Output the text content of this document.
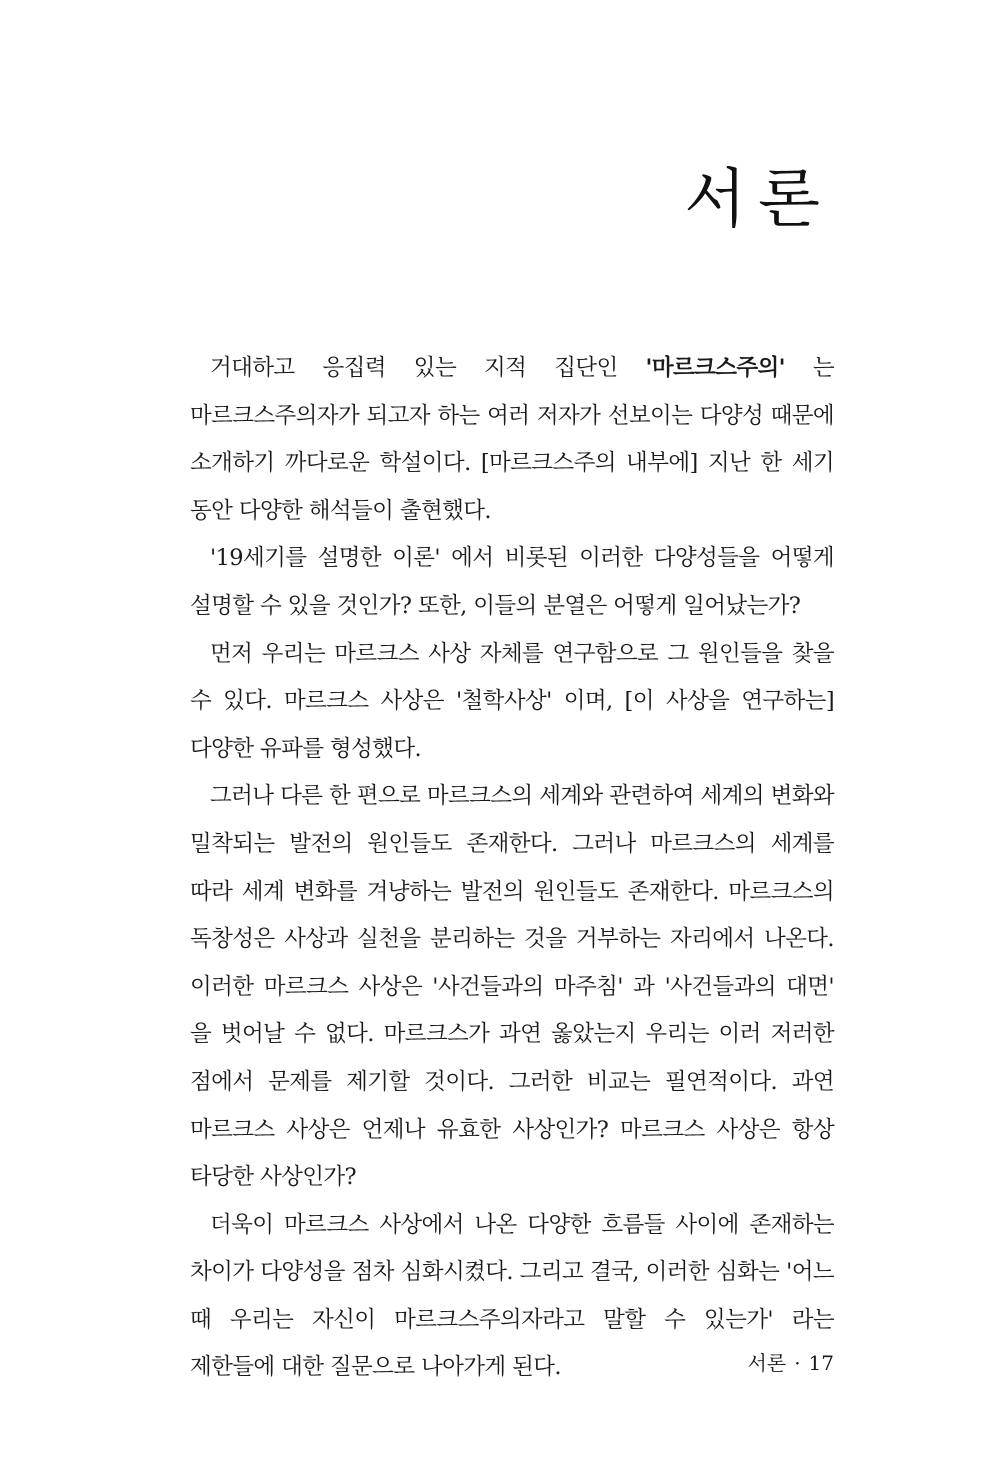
서론

거대하고 응집력 있는 지적 집단인 '마르크스주의' 는 마르크스주의자가 되고자 하는 여러 저자가 선보이는 다양성 때문에 소개하기 까다로운 학설이다. [마르크스주의 내부에] 지난 한 세기 동안 다양한 해석들이 출현했다.

'19세기를 설명한 이론' 에서 비롯된 이러한 다양성들을 어떻게 설명할 수 있을 것인가? 또한, 이들의 분열은 어떻게 일어났는가?

먼저 우리는 마르크스 사상 자체를 연구함으로 그 원인들을 찾을 수 있다. 마르크스 사상은 '철학사상' 이며, [이 사상을 연구하는] 다양한 유파를 형성했다.

그러나 다른 한 편으로 마르크스의 세계와 관련하여 세계의 변화와 밀착되는 발전의 원인들도 존재한다. 그러나 마르크스의 세계를 따라 세계 변화를 겨냥하는 발전의 원인들도 존재한다. 마르크스의 독창성은 사상과 실천을 분리하는 것을 거부하는 자리에서 나온다. 이러한 마르크스 사상은 '사건들과의 마주침' 과 '사건들과의 대면' 을 벗어날 수 없다. 마르크스가 과연 옳았는지 우리는 이러 저러한 점에서 문제를 제기할 것이다. 그러한 비교는 필연적이다. 과연 마르크스 사상은 언제나 유효한 사상인가? 마르크스 사상은 항상 타당한 사상인가?

더욱이 마르크스 사상에서 나온 다양한 흐름들 사이에 존재하는 차이가 다양성을 점차 심화시켰다. 그리고 결국, 이러한 심화는 '어느 때 우리는 자신이 마르크스주의자라고 말할 수 있는가' 라는 제한들에 대한 질문으로 나아가게 된다.	서론 · 17
